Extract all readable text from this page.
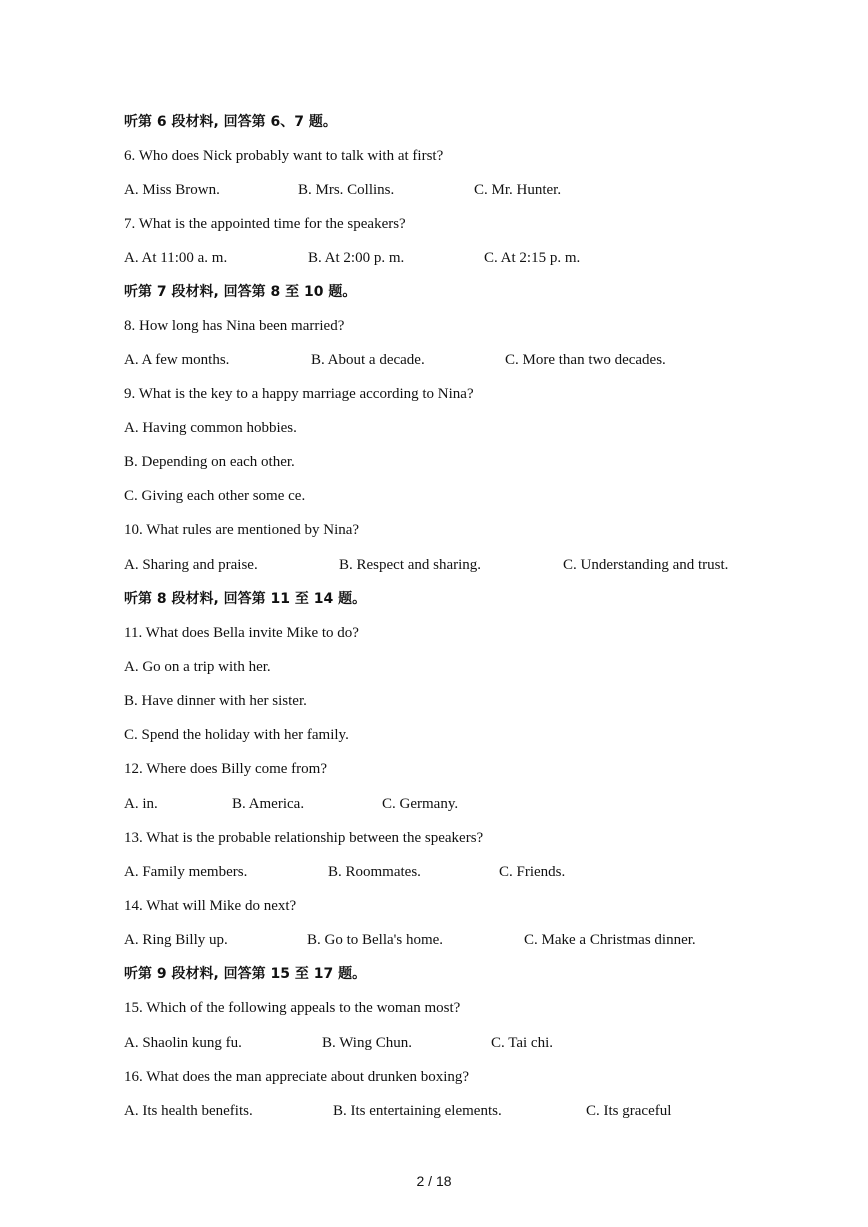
听第 6 段材料, 回答第 6、7 题。
6. Who does Nick probably want to talk with at first?
A. Miss Brown.	B. Mrs. Collins.	C. Mr. Hunter.
7. What is the appointed time for the speakers?
A. At 11:00 a. m.	B. At 2:00 p. m.	C. At 2:15 p. m.
听第 7 段材料, 回答第 8 至 10 题。
8. How long has Nina been married?
A. A few months.	B. About a decade.	C. More than two decades.
9. What is the key to a happy marriage according to Nina?
A. Having common hobbies.
B. Depending on each other.
C. Giving each other some ce.
10. What rules are mentioned by Nina?
A. Sharing and praise.	B. Respect and sharing.	C. Understanding and trust.
听第 8 段材料, 回答第 11 至 14 题。
11. What does Bella invite Mike to do?
A. Go on a trip with her.
B. Have dinner with her sister.
C. Spend the holiday with her family.
12. Where does Billy come from?
A. in.	B. America.	C. Germany.
13. What is the probable relationship between the speakers?
A. Family members.	B. Roommates.	C. Friends.
14. What will Mike do next?
A. Ring Billy up.	B. Go to Bella's home.	C. Make a Christmas dinner.
听第 9 段材料, 回答第 15 至 17 题。
15. Which of the following appeals to the woman most?
A. Shaolin kung fu.	B. Wing Chun.	C. Tai chi.
16. What does the man appreciate about drunken boxing?
A. Its health benefits.	B. Its entertaining elements.	C. Its graceful
2 / 18
